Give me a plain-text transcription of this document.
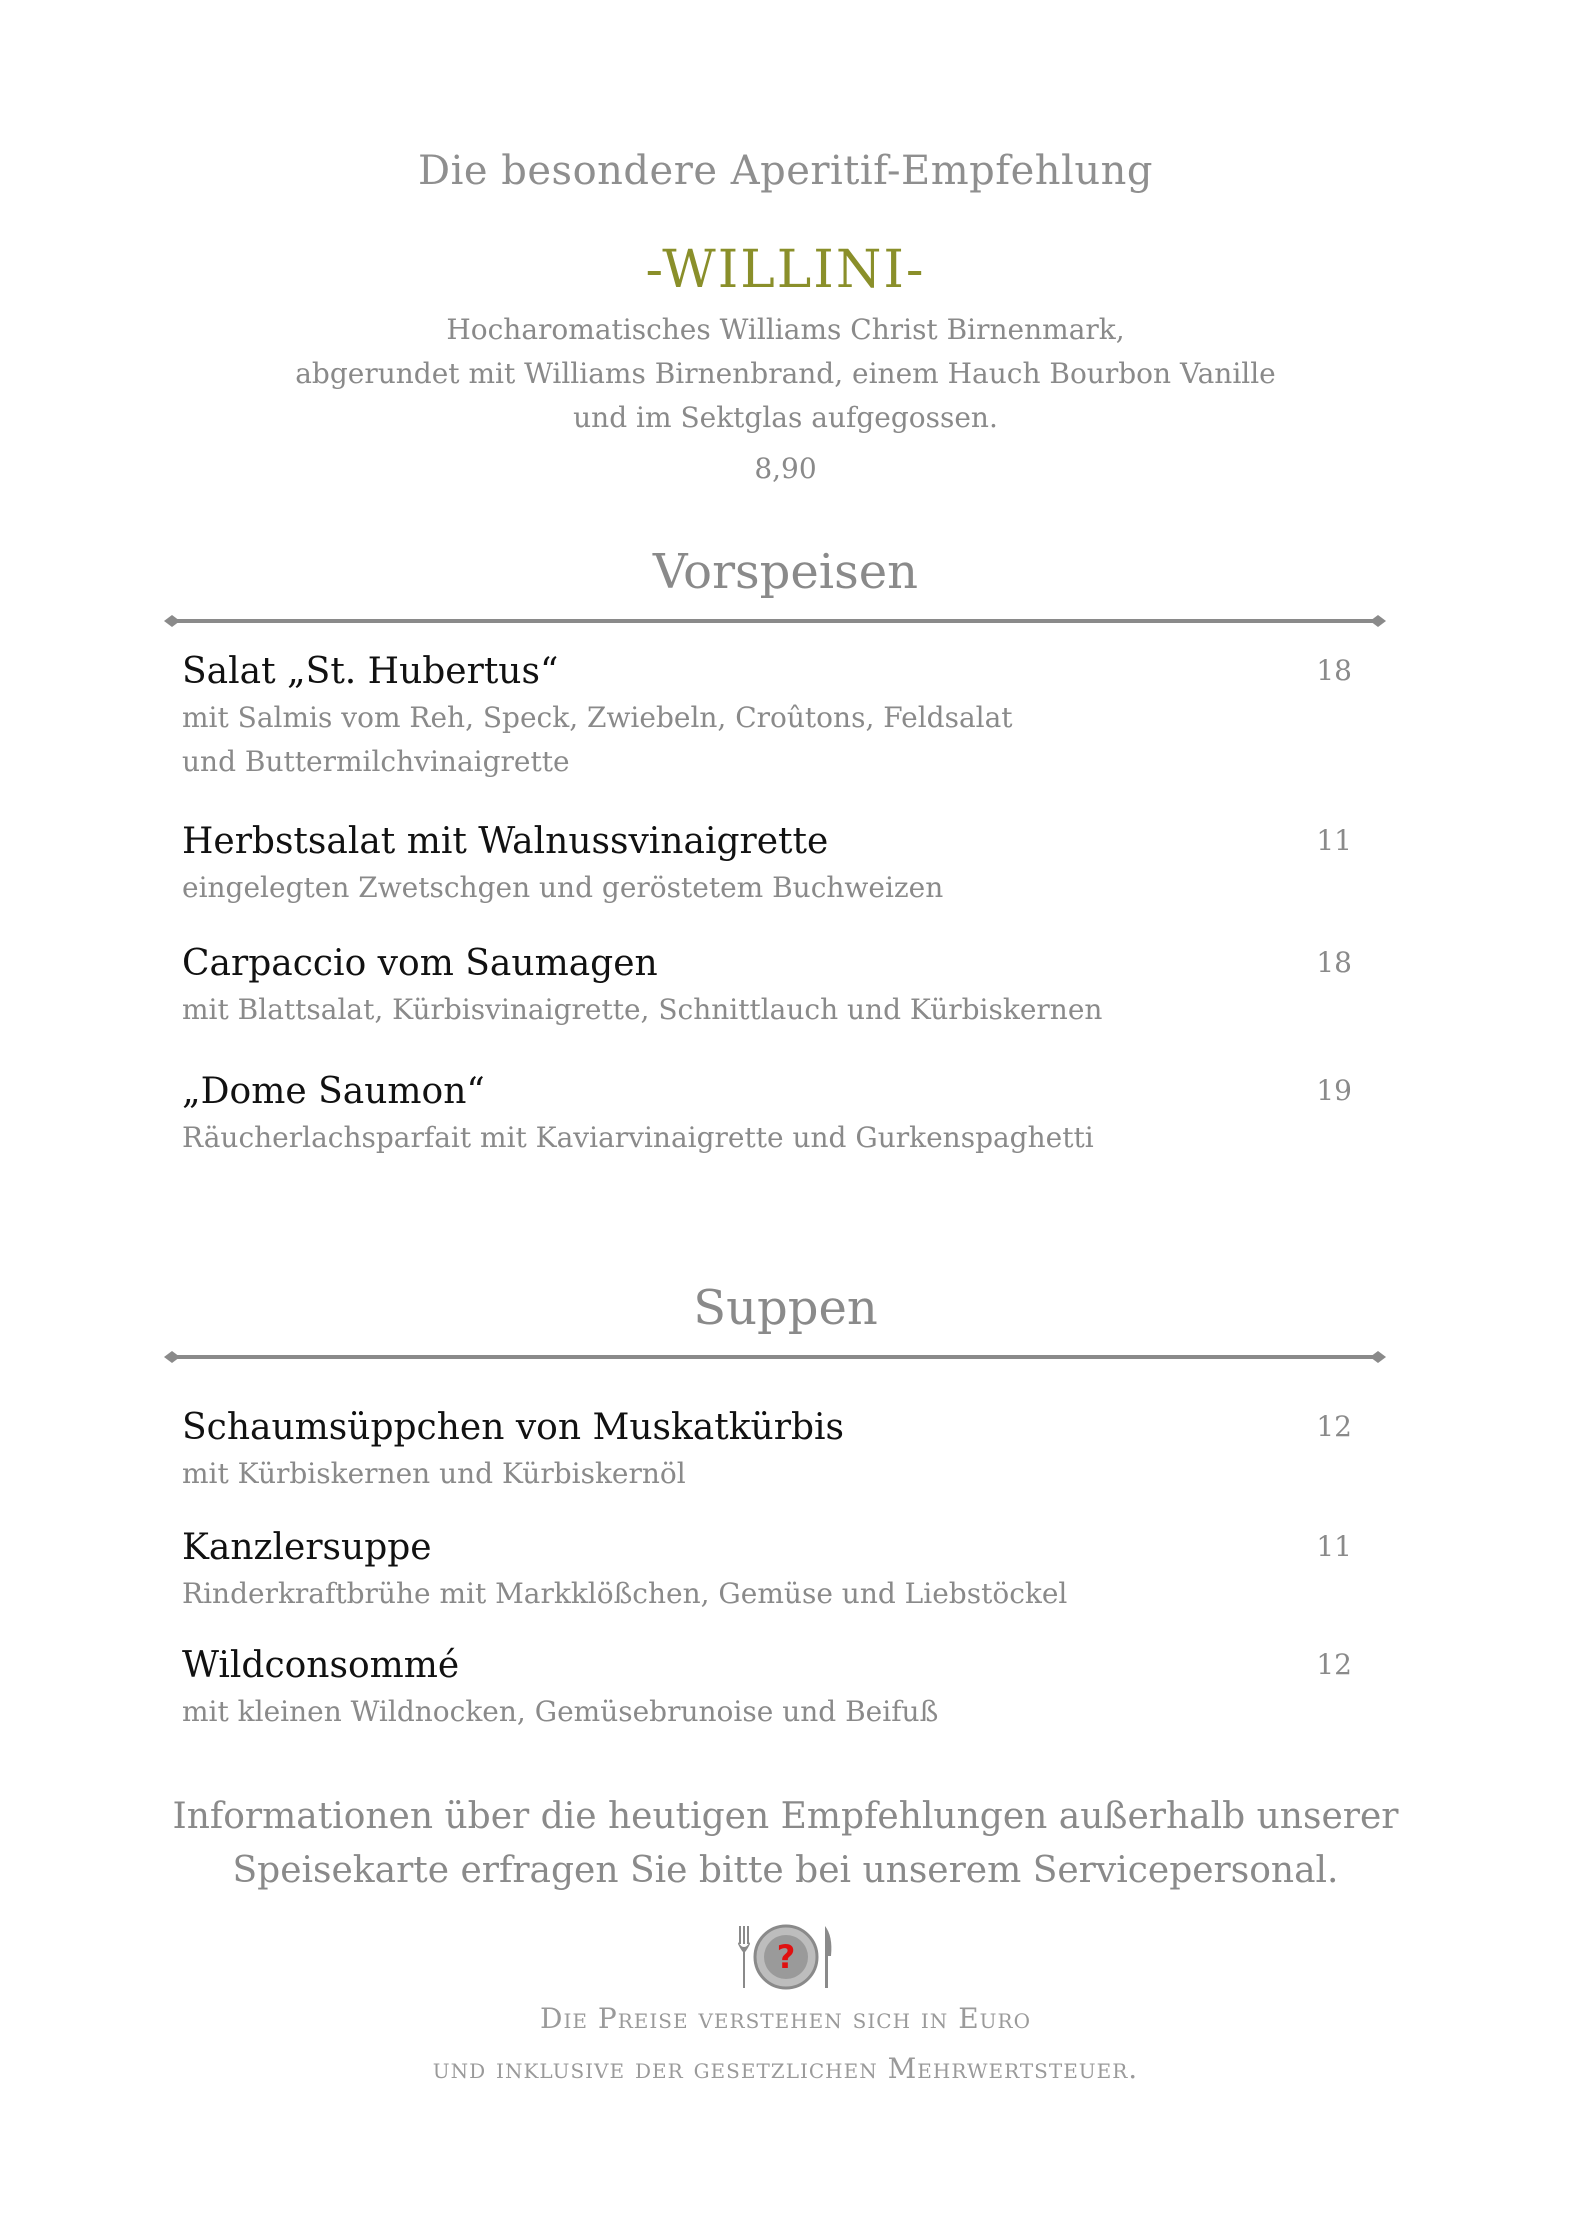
Die besondere Aperitif-Empfehlung
-WILLINI-
Hocharomatisches Williams Christ Birnenmark,
abgerundet mit Williams Birnenbrand, einem Hauch Bourbon Vanille
und im Sektglas aufgegossen.
8,90
Vorspeisen
Salat „St. Hubertus“
mit Salmis vom Reh, Speck, Zwiebeln, Croûtons, Feldsalat
und Buttermilchvinaigrette
18
Herbstsalat mit Walnussvinaigrette
eingelegten Zwetschgen und geröstetem Buchweizen
11
Carpaccio vom Saumagen
mit Blattsalat, Kürbisvinaigrette, Schnittlauch und Kürbiskernen
18
„Dome Saumon“
Räucherlachsparfait mit Kaviarvinaigrette und Gurkenspaghetti
19
Suppen
Schaumsüppchen von Muskatkürbis
mit Kürbiskernen und Kürbiskernöl
12
Kanzlersuppe
Rinderkraftbrühe mit Markklößchen, Gemüse und Liebstöckel
11
Wildconsommé
mit kleinen Wildnocken, Gemüsebrunoise und Beifuß
12
Informationen über die heutigen Empfehlungen außerhalb unserer
Speisekarte erfragen Sie bitte bei unserem Servicepersonal.
?
Die Preise verstehen sich in Euro
und inklusive der gesetzlichen Mehrwertsteuer.
